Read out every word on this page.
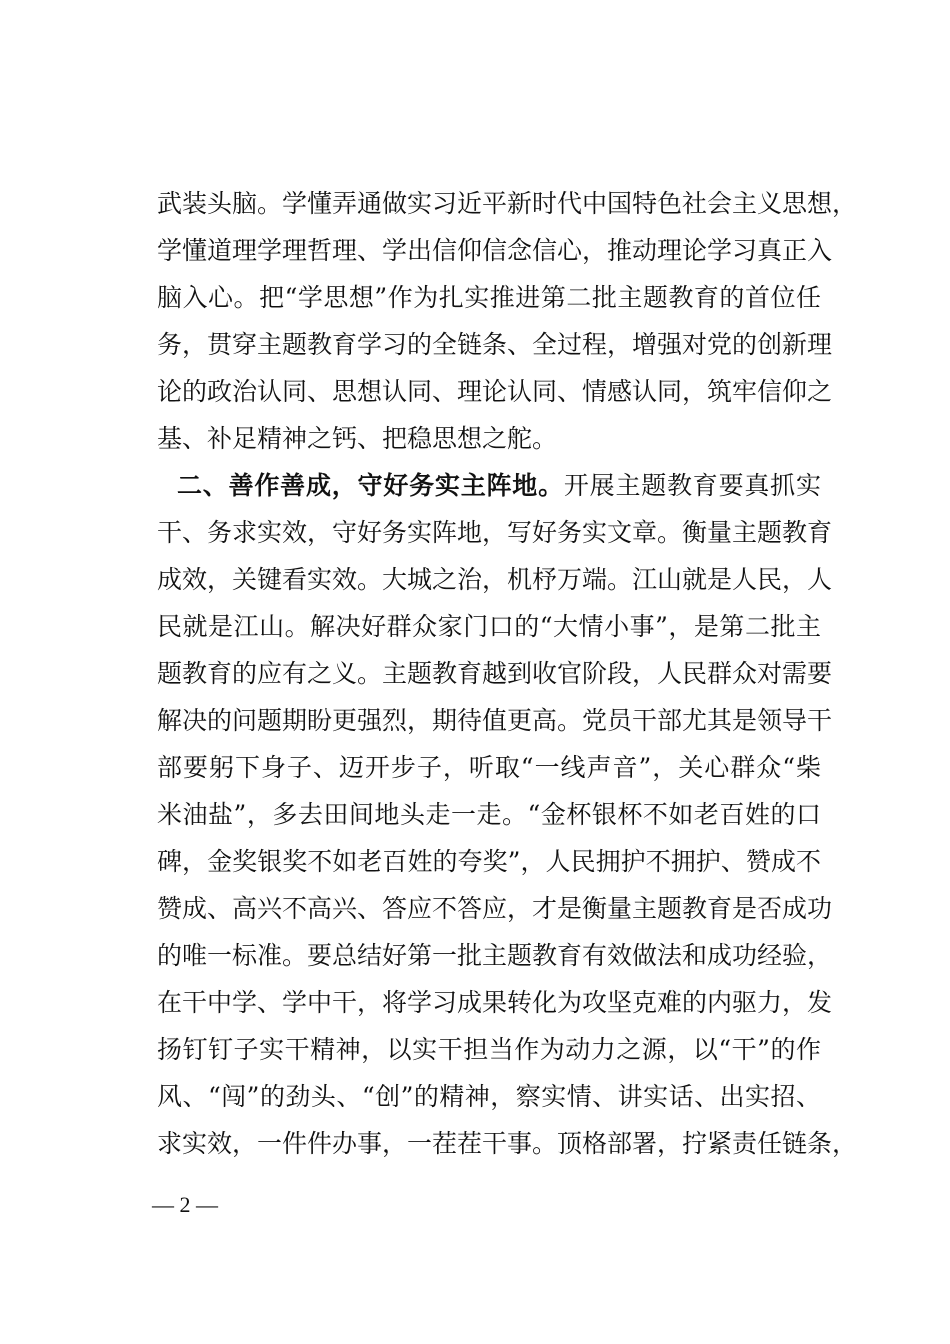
武装头脑。学懂弄通做实习近平新时代中国特色社会主义思想，
学懂道理学理哲理、学出信仰信念信心，推动理论学习真正入
脑入心。把“学思想”作为扎实推进第二批主题教育的首位任
务，贯穿主题教育学习的全链条、全过程，增强对党的创新理
论的政治认同、思想认同、理论认同、情感认同，筑牢信仰之
基、补足精神之钙、把稳思想之舵。
二、善作善成，守好务实主阵地。开展主题教育要真抓实
干、务求实效，守好务实阵地，写好务实文章。衡量主题教育
成效，关键看实效。大城之治，机杼万端。江山就是人民，人
民就是江山。解决好群众家门口的“大情小事”，是第二批主
题教育的应有之义。主题教育越到收官阶段，人民群众对需要
解决的问题期盼更强烈，期待值更高。党员干部尤其是领导干
部要躬下身子、迈开步子，听取“一线声音”，关心群众“柴
米油盐”，多去田间地头走一走。“金杯银杯不如老百姓的口
碑，金奖银奖不如老百姓的夸奖”，人民拥护不拥护、赞成不
赞成、高兴不高兴、答应不答应，才是衡量主题教育是否成功
的唯一标准。要总结好第一批主题教育有效做法和成功经验，
在干中学、学中干，将学习成果转化为攻坚克难的内驱力，发
扬钉钉子实干精神，以实干担当作为动力之源，以“干”的作
风、“闯”的劲头、“创”的精神，察实情、讲实话、出实招、
求实效，一件件办事，一茬茬干事。顶格部署，拧紧责任链条，
— 2 —
